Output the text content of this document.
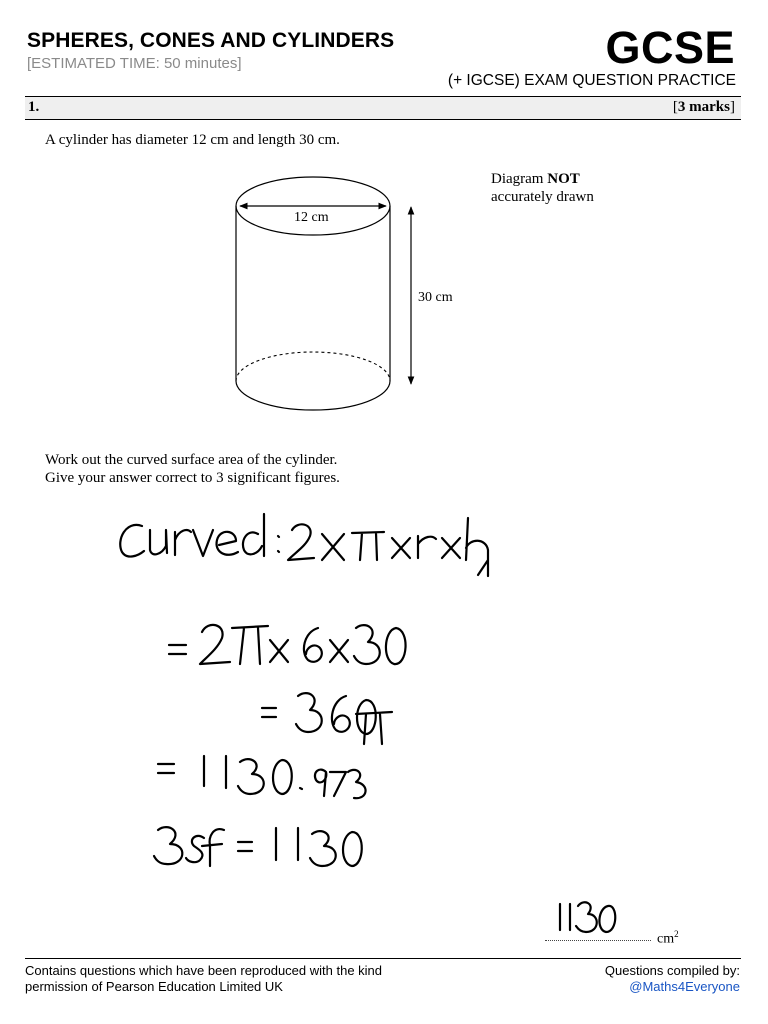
SPHERES, CONES AND CYLINDERS
[ESTIMATED TIME: 50 minutes]	GCSE
(+ IGCSE) EXAM QUESTION PRACTICE
1.	[3 marks]
A cylinder has diameter 12 cm and length 30 cm.
Diagram NOT
accurately drawn
12 cm
30 cm
Work out the curved surface area of the cylinder.
Give your answer correct to 3 significant figures.
$cm^2$
Contains questions which have been reproduced with the kind
permission of Pearson Education Limited UK
Questions compiled by:
@Maths4Everyone
